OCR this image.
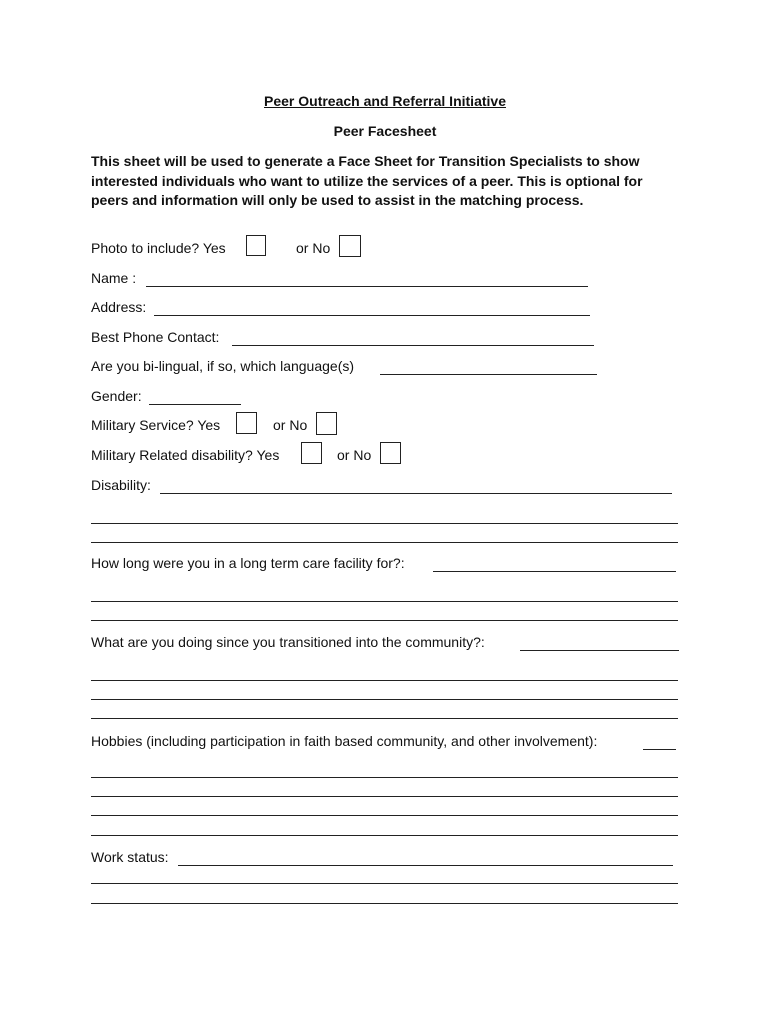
Peer Outreach and Referral Initiative
Peer Facesheet
This sheet will be used to generate a Face Sheet for Transition Specialists to show interested individuals who want to utilize the services of a peer. This is optional for peers and information will only be used to assist in the matching process.
Photo to include? Yes	or No
Name :
Address:
Best Phone Contact:
Are you bi-lingual, if so, which language(s)
Gender:
Military Service? Yes	or No
Military Related disability? Yes	or No
Disability:
How long were you in a long term care facility for?:
What are you doing since you transitioned into the community?:
Hobbies (including participation in faith based community, and other involvement):
Work status:
